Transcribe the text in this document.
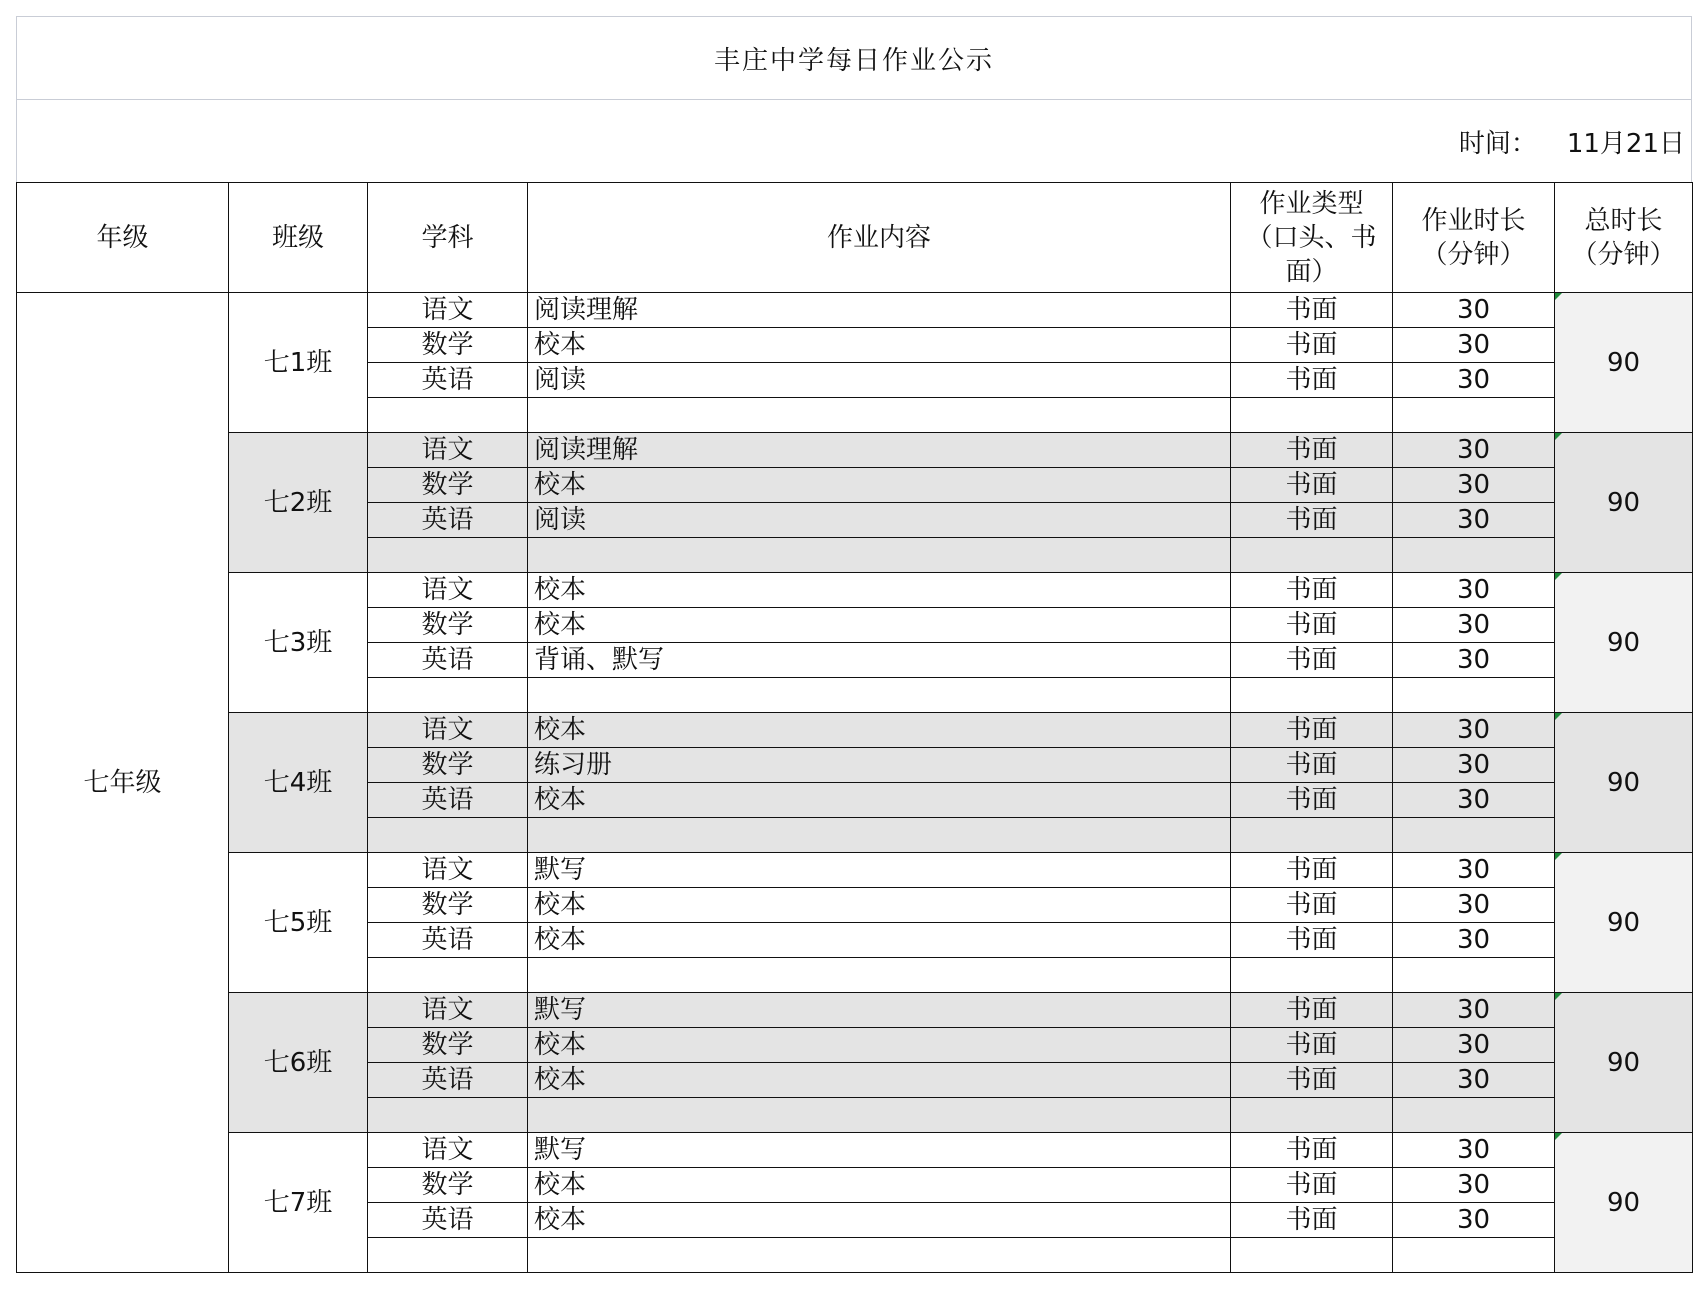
丰庄中学每日作业公示
时间： 11月21日
年级	班级	学科	作业内容	作业类型（口头、书面）	作业时长（分钟）	总时长（分钟）

七年级	七1班	语文	阅读理解	书面	30	90
		数学	校本	书面	30	
		英语	阅读	书面	30	

	七2班	语文	阅读理解	书面	30	90
		数学	校本	书面	30	
		英语	阅读	书面	30	

	七3班	语文	校本	书面	30	90
		数学	校本	书面	30	
		英语	背诵、默写	书面	30	

	七4班	语文	校本	书面	30	90
		数学	练习册	书面	30	
		英语	校本	书面	30	

	七5班	语文	默写	书面	30	90
		数学	校本	书面	30	
		英语	校本	书面	30	

	七6班	语文	默写	书面	30	90
		数学	校本	书面	30	
		英语	校本	书面	30	

	七7班	语文	默写	书面	30	90
		数学	校本	书面	30	
		英语	校本	书面	30	
